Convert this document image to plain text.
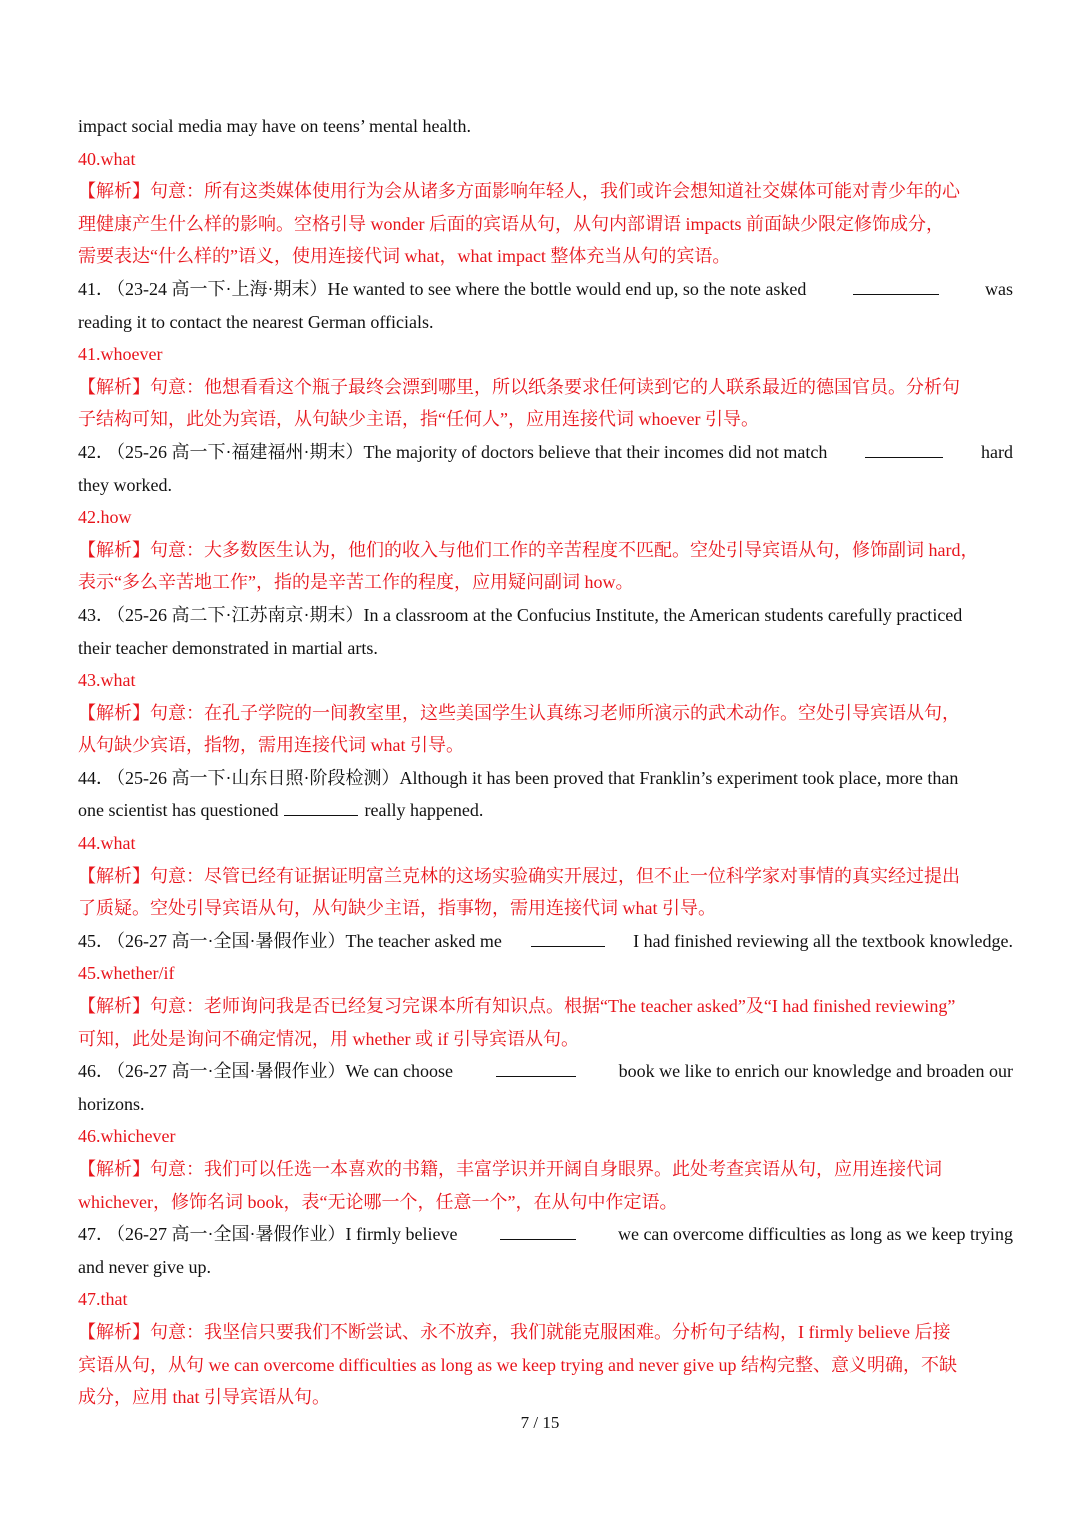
impact social media may have on teens’ mental health.
40.what
【解析】句意：所有这类媒体使用行为会从诸多方面影响年轻人，我们或许会想知道社交媒体可能对青少年的心
理健康产生什么样的影响。空格引导 wonder 后面的宾语从句，从句内部谓语 impacts 前面缺少限定修饰成分，
需要表达“什么样的”语义，使用连接代词 what，what impact 整体充当从句的宾语。
41． （23-24 高一下·上海·期末）He wanted to see where the bottle would end up, so the note asked	was
reading it to contact the nearest German officials.
41.whoever
【解析】句意：他想看看这个瓶子最终会漂到哪里，所以纸条要求任何读到它的人联系最近的德国官员。分析句
子结构可知，此处为宾语，从句缺少主语，指“任何人”，应用连接代词 whoever 引导。
42． （25-26 高一下·福建福州·期末）The majority of doctors believe that their incomes did not match	hard
they worked.
42.how
【解析】句意：大多数医生认为，他们的收入与他们工作的辛苦程度不匹配。空处引导宾语从句，修饰副词 hard，
表示“多么辛苦地工作”，指的是辛苦工作的程度，应用疑问副词 how。
43． （25-26 高二下·江苏南京·期末）In a classroom at the Confucius Institute, the American students carefully practiced
their teacher demonstrated in martial arts.
43.what
【解析】句意：在孔子学院的一间教室里，这些美国学生认真练习老师所演示的武术动作。空处引导宾语从句，
从句缺少宾语，指物，需用连接代词 what 引导。
44． （25-26 高一下·山东日照·阶段检测）Although it has been proved that Franklin’s experiment took place, more than
one scientist has questioned	really happened.
44.what
【解析】句意：尽管已经有证据证明富兰克林的这场实验确实开展过，但不止一位科学家对事情的真实经过提出
了质疑。空处引导宾语从句，从句缺少主语，指事物，需用连接代词 what 引导。
45． （26-27 高一·全国·暑假作业）The teacher asked me	I had finished reviewing all the textbook knowledge.
45.whether/if
【解析】句意：老师询问我是否已经复习完课本所有知识点。根据“The teacher asked”及“I had finished reviewing”
可知，此处是询问不确定情况，用 whether 或 if 引导宾语从句。
46． （26-27 高一·全国·暑假作业）We can choose	book we like to enrich our knowledge and broaden our
horizons.
46.whichever
【解析】句意：我们可以任选一本喜欢的书籍，丰富学识并开阔自身眼界。此处考查宾语从句，应用连接代词
whichever，修饰名词 book，表“无论哪一个，任意一个”，在从句中作定语。
47． （26-27 高一·全国·暑假作业）I firmly believe	we can overcome difficulties as long as we keep trying
and never give up.
47.that
【解析】句意：我坚信只要我们不断尝试、永不放弃，我们就能克服困难。分析句子结构，I firmly believe 后接
宾语从句，从句 we can overcome difficulties as long as we keep trying and never give up 结构完整、意义明确，不缺
成分，应用 that 引导宾语从句。
7 / 15
